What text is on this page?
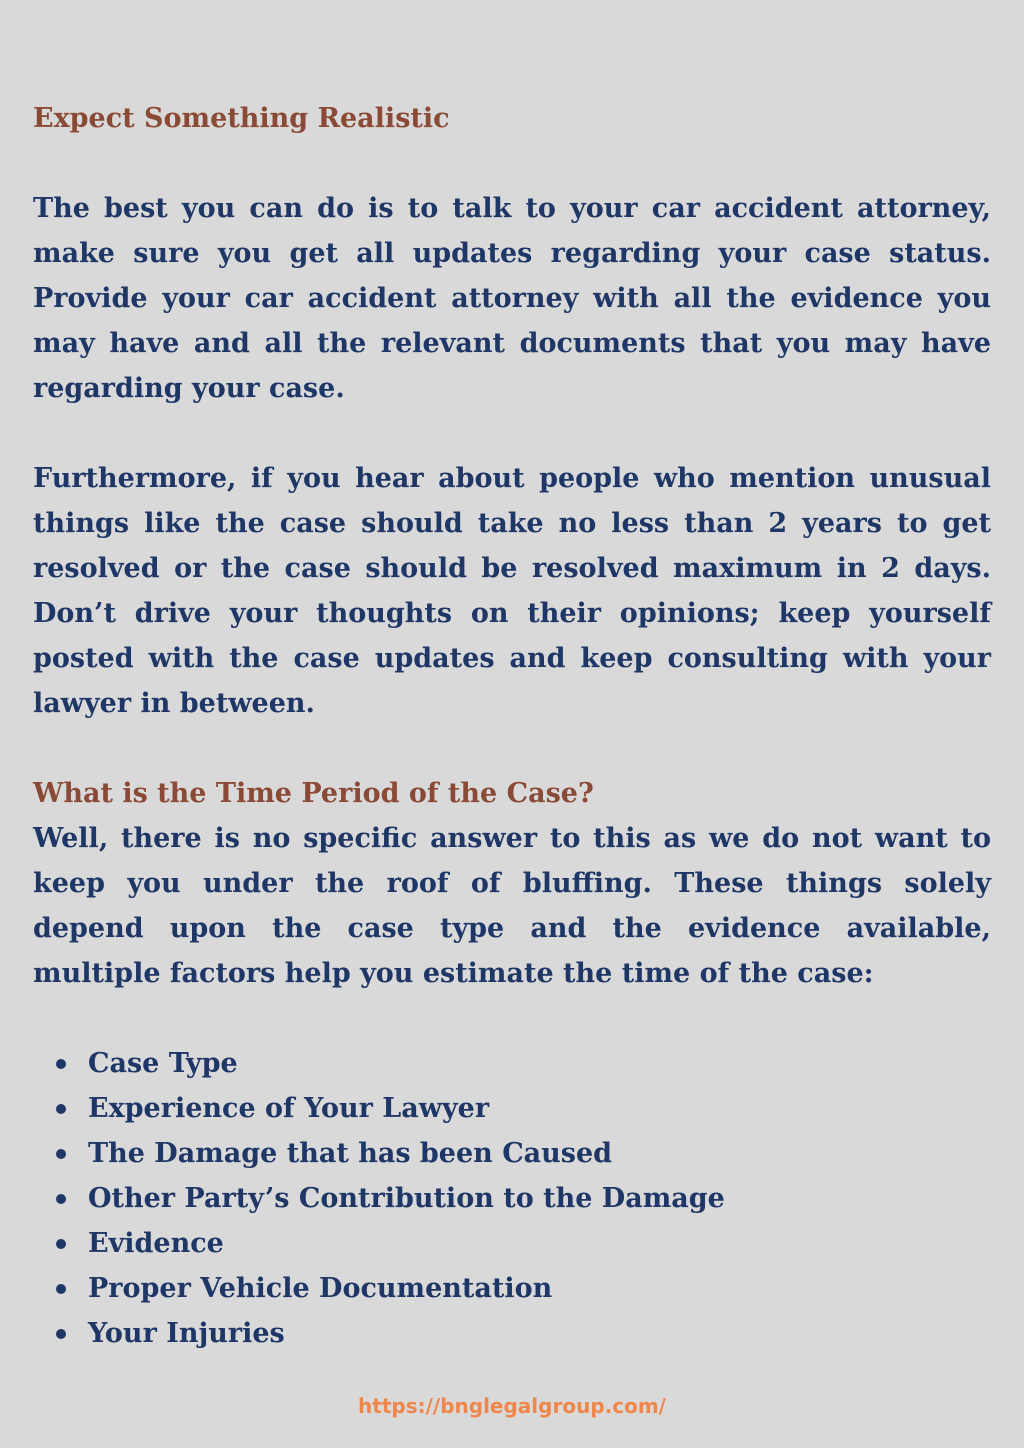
Expect Something Realistic

The best you can do is to talk to your car accident attorney, make sure you get all updates regarding your case status. Provide your car accident attorney with all the evidence you may have and all the relevant documents that you may have regarding your case.

Furthermore, if you hear about people who mention unusual things like the case should take no less than 2 years to get resolved or the case should be resolved maximum in 2 days. Don’t drive your thoughts on their opinions; keep yourself posted with the case updates and keep consulting with your lawyer in between.

What is the Time Period of the Case?

Well, there is no specific answer to this as we do not want to keep you under the roof of bluffing. These things solely depend upon the case type and the evidence available, multiple factors help you estimate the time of the case:

Case Type
Experience of Your Lawyer
The Damage that has been Caused
Other Party’s Contribution to the Damage
Evidence
Proper Vehicle Documentation
Your Injuries
https://bnglegalgroup.com/
